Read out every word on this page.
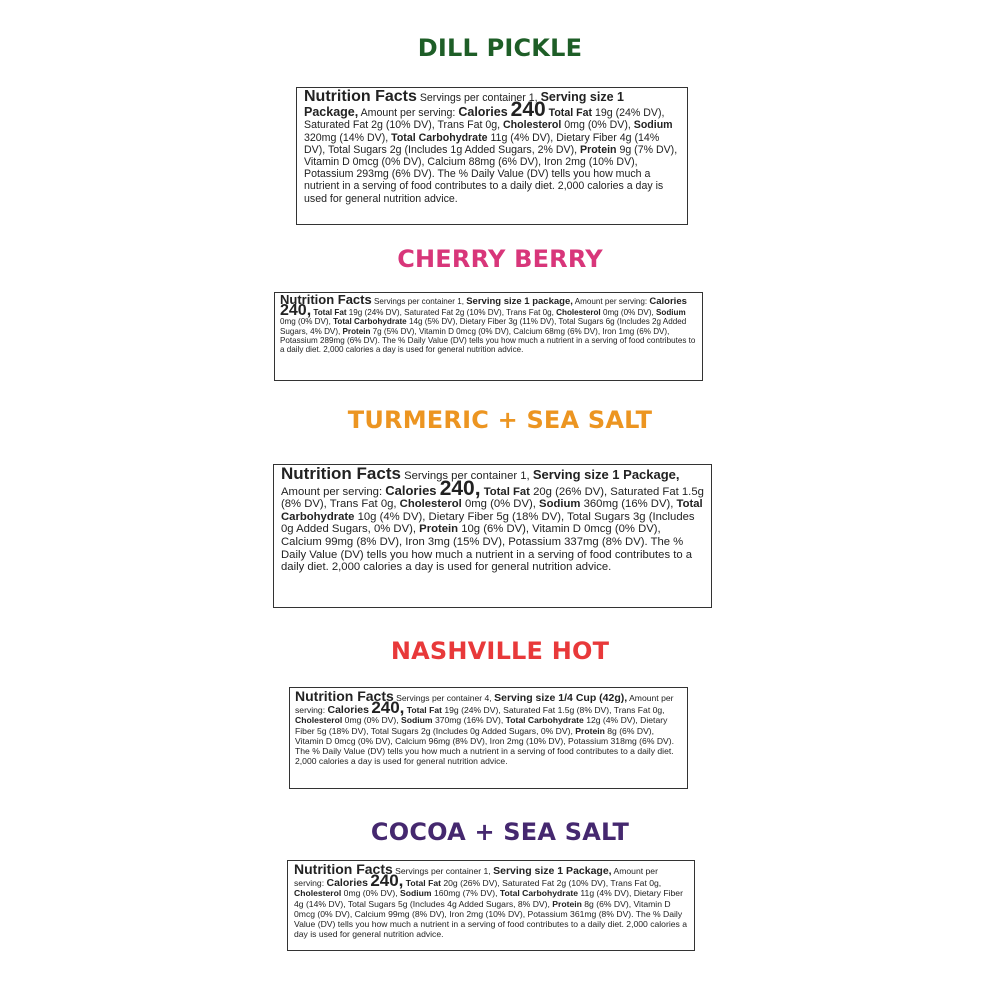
DILL PICKLE
Nutrition Facts Servings per container 1, Serving size 1 Package, Amount per serving: Calories 240 Total Fat 19g (24% DV), Saturated Fat 2g (10% DV), Trans Fat 0g, Cholesterol 0mg (0% DV), Sodium 320mg (14% DV), Total Carbohydrate 11g (4% DV), Dietary Fiber 4g (14% DV), Total Sugars 2g (Includes 1g Added Sugars, 2% DV), Protein 9g (7% DV), Vitamin D 0mcg (0% DV), Calcium 88mg (6% DV), Iron 2mg (10% DV), Potassium 293mg (6% DV). The % Daily Value (DV) tells you how much a nutrient in a serving of food contributes to a daily diet. 2,000 calories a day is used for general nutrition advice.
CHERRY BERRY
Nutrition Facts Servings per container 1, Serving size 1 package, Amount per serving: Calories 240, Total Fat 19g (24% DV), Saturated Fat 2g (10% DV), Trans Fat 0g, Cholesterol 0mg (0% DV), Sodium 0mg (0% DV), Total Carbohydrate 14g (5% DV), Dietary Fiber 3g (11% DV), Total Sugars 6g (Includes 2g Added Sugars, 4% DV), Protein 7g (5% DV), Vitamin D 0mcg (0% DV), Calcium 68mg (6% DV), Iron 1mg (6% DV), Potassium 289mg (6% DV). The % Daily Value (DV) tells you how much a nutrient in a serving of food contributes to a daily diet. 2,000 calories a day is used for general nutrition advice.
TURMERIC + SEA SALT
Nutrition Facts Servings per container 1, Serving size 1 Package, Amount per serving: Calories 240, Total Fat 20g (26% DV), Saturated Fat 1.5g (8% DV), Trans Fat 0g, Cholesterol 0mg (0% DV), Sodium 360mg (16% DV), Total Carbohydrate 10g (4% DV), Dietary Fiber 5g (18% DV), Total Sugars 3g (Includes 0g Added Sugars, 0% DV), Protein 10g (6% DV), Vitamin D 0mcg (0% DV), Calcium 99mg (8% DV), Iron 3mg (15% DV), Potassium 337mg (8% DV). The % Daily Value (DV) tells you how much a nutrient in a serving of food contributes to a daily diet. 2,000 calories a day is used for general nutrition advice.
NASHVILLE HOT
Nutrition Facts Servings per container 4, Serving size 1/4 Cup (42g), Amount per serving: Calories 240, Total Fat 19g (24% DV), Saturated Fat 1.5g (8% DV), Trans Fat 0g, Cholesterol 0mg (0% DV), Sodium 370mg (16% DV), Total Carbohydrate 12g (4% DV), Dietary Fiber 5g (18% DV), Total Sugars 2g (Includes 0g Added Sugars, 0% DV), Protein 8g (6% DV), Vitamin D 0mcg (0% DV), Calcium 96mg (8% DV), Iron 2mg (10% DV), Potassium 318mg (6% DV). The % Daily Value (DV) tells you how much a nutrient in a serving of food contributes to a daily diet. 2,000 calories a day is used for general nutrition advice.
COCOA + SEA SALT
Nutrition Facts Servings per container 1, Serving size 1 Package, Amount per serving: Calories 240, Total Fat 20g (26% DV), Saturated Fat 2g (10% DV), Trans Fat 0g, Cholesterol 0mg (0% DV), Sodium 160mg (7% DV), Total Carbohydrate 11g (4% DV), Dietary Fiber 4g (14% DV), Total Sugars 5g (Includes 4g Added Sugars, 8% DV), Protein 8g (6% DV), Vitamin D 0mcg (0% DV), Calcium 99mg (8% DV), Iron 2mg (10% DV), Potassium 361mg (8% DV). The % Daily Value (DV) tells you how much a nutrient in a serving of food contributes to a daily diet. 2,000 calories a day is used for general nutrition advice.
